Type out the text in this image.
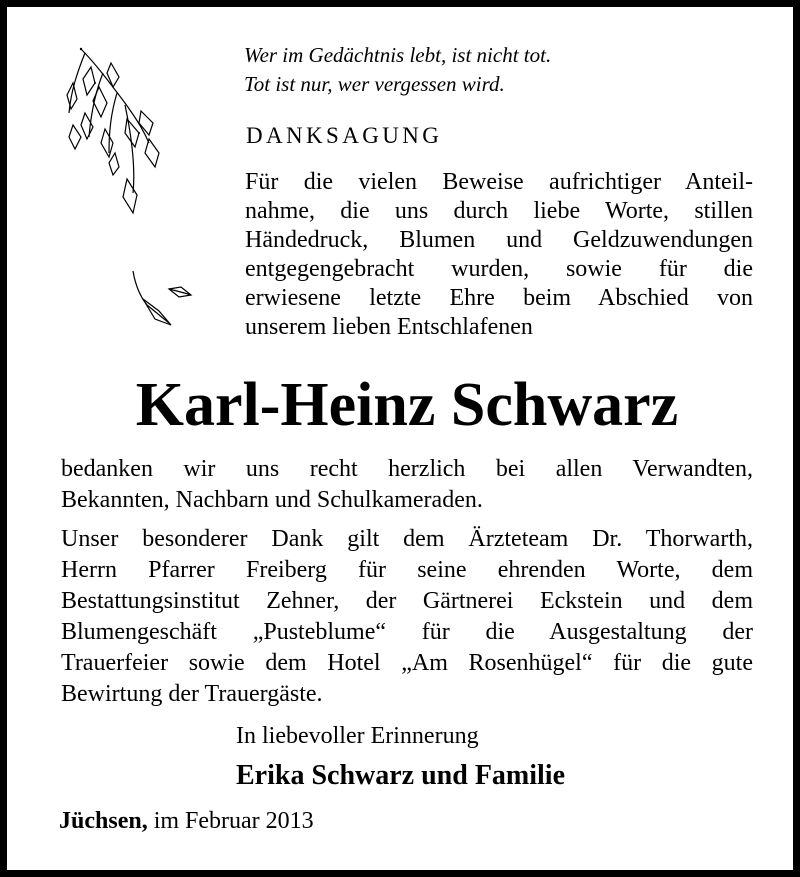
Wer im Gedächtnis lebt, ist nicht tot.
Tot ist nur, wer vergessen wird.
DANKSAGUNG
Für die vielen Beweise aufrichtiger Anteil-
nahme, die uns durch liebe Worte, stillen
Händedruck, Blumen und Geldzuwendungen
entgegengebracht wurden, sowie für die
erwiesene letzte Ehre beim Abschied von
unserem lieben Entschlafenen
Karl-Heinz Schwarz
bedanken wir uns recht herzlich bei allen Verwandten,
Bekannten, Nachbarn und Schulkameraden.
Unser besonderer Dank gilt dem Ärzteteam Dr. Thorwarth,
Herrn Pfarrer Freiberg für seine ehrenden Worte, dem
Bestattungsinstitut Zehner, der Gärtnerei Eckstein und dem
Blumengeschäft „Pusteblume“ für die Ausgestaltung der
Trauerfeier sowie dem Hotel „Am Rosenhügel“ für die gute
Bewirtung der Trauergäste.
In liebevoller Erinnerung
Erika Schwarz und Familie
Jüchsen, im Februar 2013
